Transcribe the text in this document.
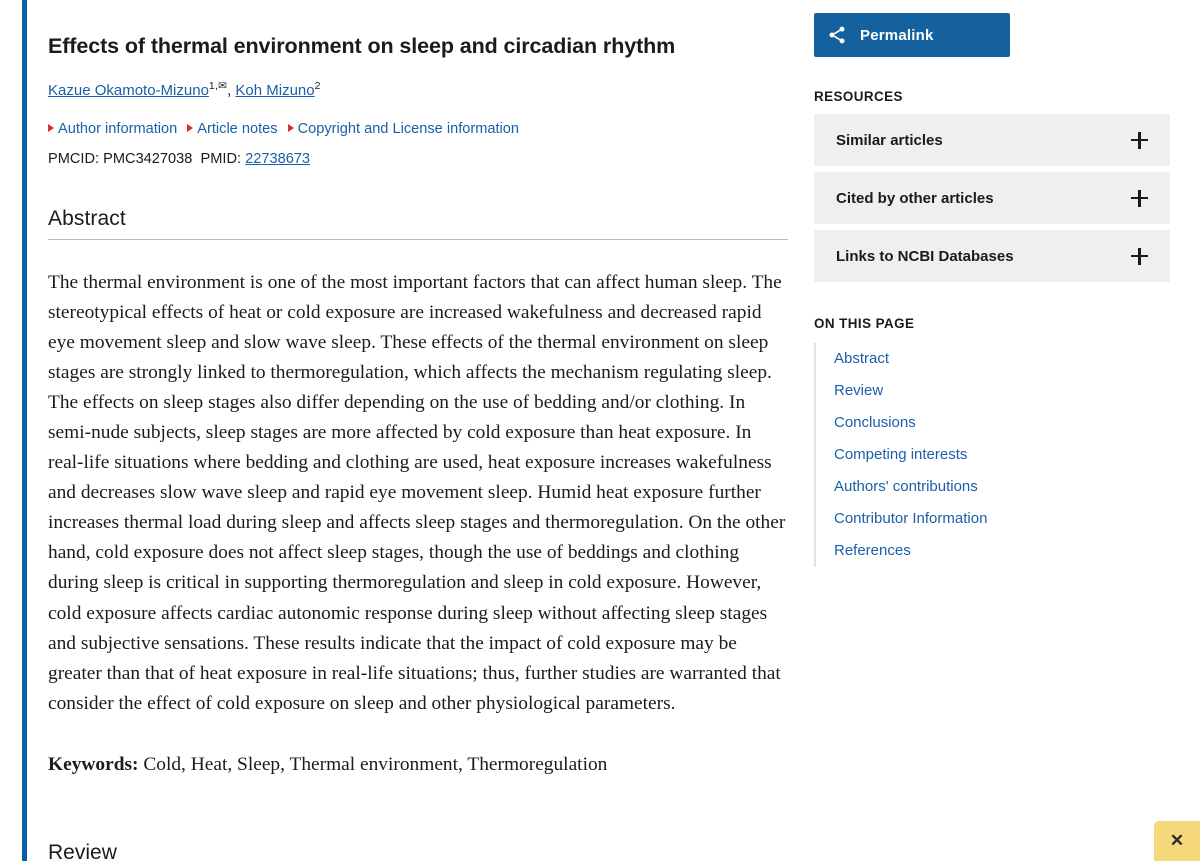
Effects of thermal environment on sleep and circadian rhythm
Kazue Okamoto-Mizuno$^{1,✉}$, Koh Mizuno$^2$
Author information Article notes Copyright and License information
PMCID: PMC3427038 PMID: 22738673
Abstract

The thermal environment is one of the most important factors that can affect human sleep. The stereotypical effects of heat or cold exposure are increased wakefulness and decreased rapid eye movement sleep and slow wave sleep. These effects of the thermal environment on sleep stages are strongly linked to thermoregulation, which affects the mechanism regulating sleep. The effects on sleep stages also differ depending on the use of bedding and/or clothing. In semi-nude subjects, sleep stages are more affected by cold exposure than heat exposure. In real-life situations where bedding and clothing are used, heat exposure increases wakefulness and decreases slow wave sleep and rapid eye movement sleep. Humid heat exposure further increases thermal load during sleep and affects sleep stages and thermoregulation. On the other hand, cold exposure does not affect sleep stages, though the use of beddings and clothing during sleep is critical in supporting thermoregulation and sleep in cold exposure. However, cold exposure affects cardiac autonomic response during sleep without affecting sleep stages and subjective sensations. These results indicate that the impact of cold exposure may be greater than that of heat exposure in real-life situations; thus, further studies are warranted that consider the effect of cold exposure on sleep and other physiological parameters.

Keywords: Cold, Heat, Sleep, Thermal environment, Thermoregulation

Review
Permalink
RESOURCES
Similar articles
Cited by other articles
Links to NCBI Databases
ON THIS PAGE
Abstract
Review
Conclusions
Competing interests
Authors' contributions
Contributor Information
References
✕
